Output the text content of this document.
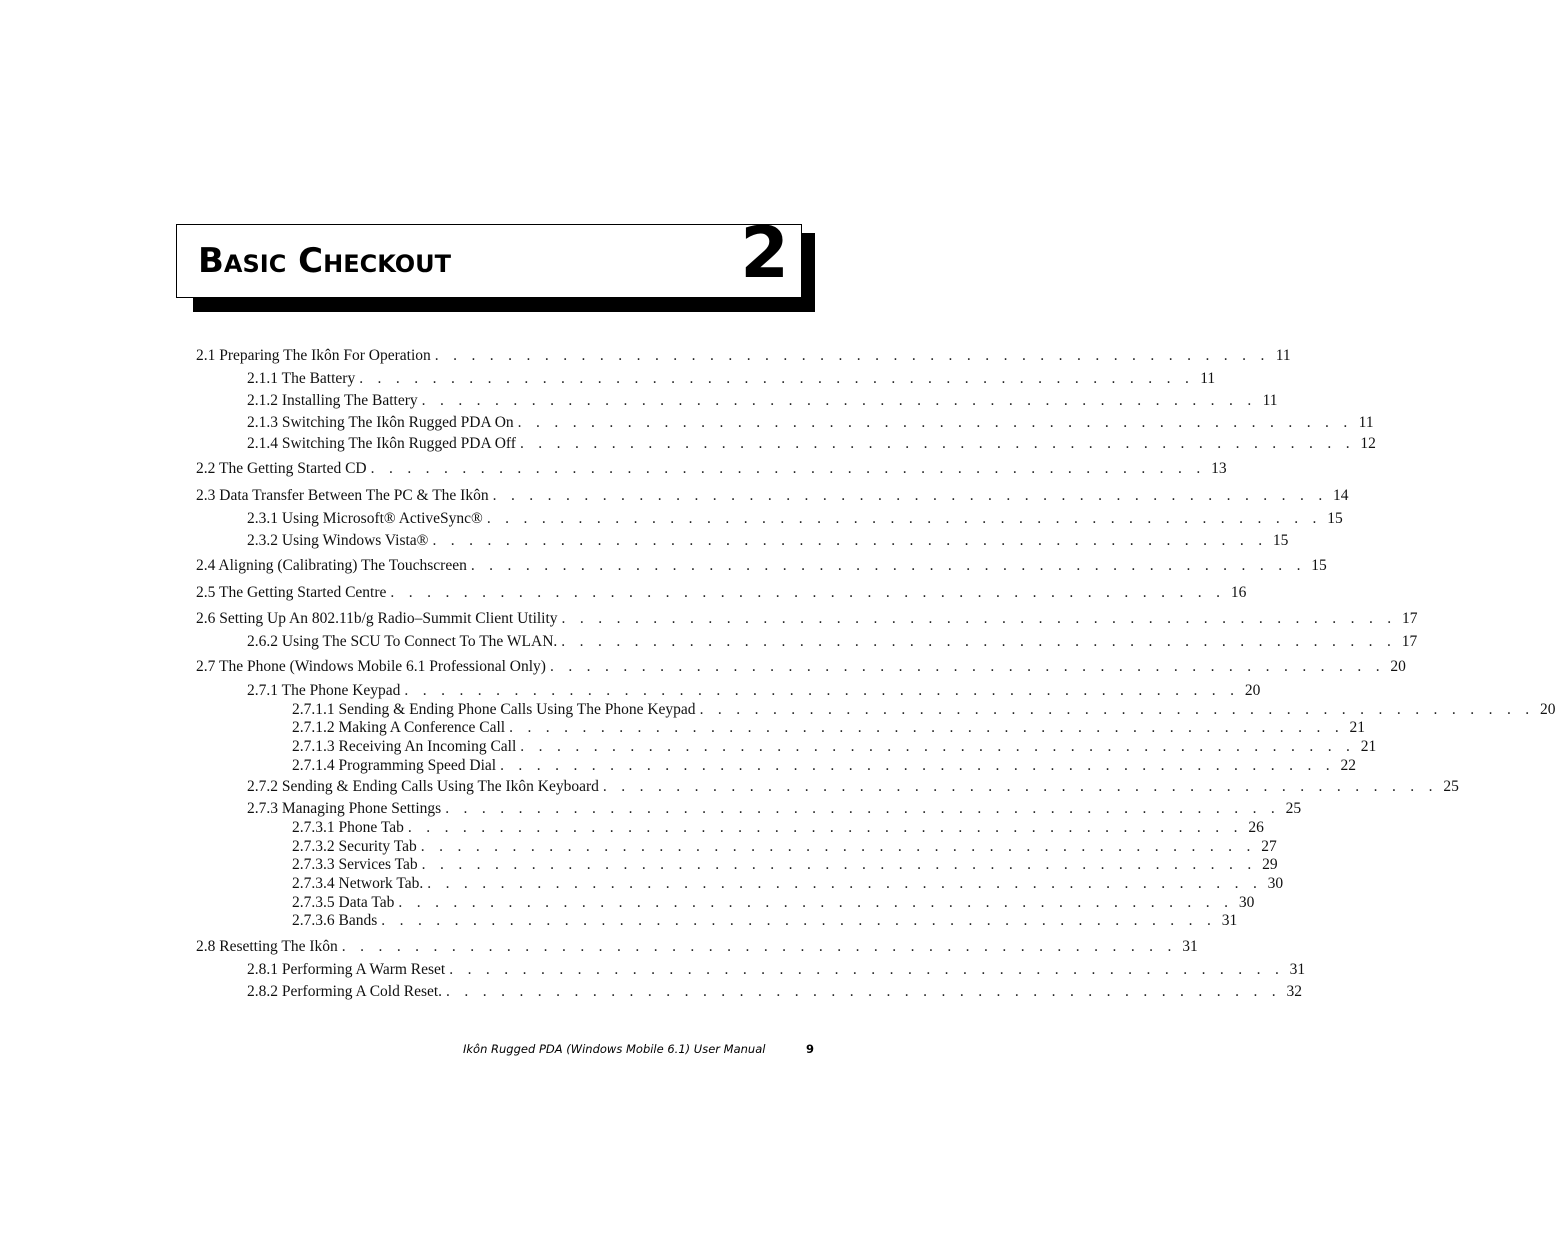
Basic Checkout	2
2.1 Preparing The Ikôn For Operation . . . . . . . . . . . . . . . . . . . . . . . . . . . . . . . . . . . . . . . . . . . . . . 11
2.1.1 The Battery . . . . . . . . . . . . . . . . . . . . . . . . . . . . . . . . . . . . . . . . . . . . . . 11
2.1.2 Installing The Battery . . . . . . . . . . . . . . . . . . . . . . . . . . . . . . . . . . . . . . . . . . . . . . 11
2.1.3 Switching The Ikôn Rugged PDA On . . . . . . . . . . . . . . . . . . . . . . . . . . . . . . . . . . . . . . . . . . . . . . 11
2.1.4 Switching The Ikôn Rugged PDA Off . . . . . . . . . . . . . . . . . . . . . . . . . . . . . . . . . . . . . . . . . . . . . . 12
2.2 The Getting Started CD . . . . . . . . . . . . . . . . . . . . . . . . . . . . . . . . . . . . . . . . . . . . . . 13
2.3 Data Transfer Between The PC & The Ikôn . . . . . . . . . . . . . . . . . . . . . . . . . . . . . . . . . . . . . . . . . . . . . . 14
2.3.1 Using Microsoft® ActiveSync® . . . . . . . . . . . . . . . . . . . . . . . . . . . . . . . . . . . . . . . . . . . . . . 15
2.3.2 Using Windows Vista® . . . . . . . . . . . . . . . . . . . . . . . . . . . . . . . . . . . . . . . . . . . . . . 15
2.4 Aligning (Calibrating) The Touchscreen . . . . . . . . . . . . . . . . . . . . . . . . . . . . . . . . . . . . . . . . . . . . . . 15
2.5 The Getting Started Centre . . . . . . . . . . . . . . . . . . . . . . . . . . . . . . . . . . . . . . . . . . . . . . 16
2.6 Setting Up An 802.11b/g Radio–Summit Client Utility . . . . . . . . . . . . . . . . . . . . . . . . . . . . . . . . . . . . . . . . . . . . . . 17
2.6.2 Using The SCU To Connect To The WLAN. . . . . . . . . . . . . . . . . . . . . . . . . . . . . . . . . . . . . . . . . . . . . . . 17
2.7 The Phone (Windows Mobile 6.1 Professional Only) . . . . . . . . . . . . . . . . . . . . . . . . . . . . . . . . . . . . . . . . . . . . . . 20
2.7.1 The Phone Keypad . . . . . . . . . . . . . . . . . . . . . . . . . . . . . . . . . . . . . . . . . . . . . . 20
2.7.1.1 Sending & Ending Phone Calls Using The Phone Keypad . . . . . . . . . . . . . . . . . . . . . . . . . . . . . . . . . . . . . . . . . . . . . . 20
2.7.1.2 Making A Conference Call . . . . . . . . . . . . . . . . . . . . . . . . . . . . . . . . . . . . . . . . . . . . . . 21
2.7.1.3 Receiving An Incoming Call . . . . . . . . . . . . . . . . . . . . . . . . . . . . . . . . . . . . . . . . . . . . . . 21
2.7.1.4 Programming Speed Dial . . . . . . . . . . . . . . . . . . . . . . . . . . . . . . . . . . . . . . . . . . . . . . 22
2.7.2 Sending & Ending Calls Using The Ikôn Keyboard . . . . . . . . . . . . . . . . . . . . . . . . . . . . . . . . . . . . . . . . . . . . . . 25
2.7.3 Managing Phone Settings . . . . . . . . . . . . . . . . . . . . . . . . . . . . . . . . . . . . . . . . . . . . . . 25
2.7.3.1 Phone Tab . . . . . . . . . . . . . . . . . . . . . . . . . . . . . . . . . . . . . . . . . . . . . . 26
2.7.3.2 Security Tab . . . . . . . . . . . . . . . . . . . . . . . . . . . . . . . . . . . . . . . . . . . . . . 27
2.7.3.3 Services Tab . . . . . . . . . . . . . . . . . . . . . . . . . . . . . . . . . . . . . . . . . . . . . . 29
2.7.3.4 Network Tab. . . . . . . . . . . . . . . . . . . . . . . . . . . . . . . . . . . . . . . . . . . . . . . 30
2.7.3.5 Data Tab . . . . . . . . . . . . . . . . . . . . . . . . . . . . . . . . . . . . . . . . . . . . . . 30
2.7.3.6 Bands . . . . . . . . . . . . . . . . . . . . . . . . . . . . . . . . . . . . . . . . . . . . . . 31
2.8 Resetting The Ikôn . . . . . . . . . . . . . . . . . . . . . . . . . . . . . . . . . . . . . . . . . . . . . . 31
2.8.1 Performing A Warm Reset . . . . . . . . . . . . . . . . . . . . . . . . . . . . . . . . . . . . . . . . . . . . . . 31
2.8.2 Performing A Cold Reset. . . . . . . . . . . . . . . . . . . . . . . . . . . . . . . . . . . . . . . . . . . . . . . 32
Ikôn Rugged PDA (Windows Mobile 6.1) User Manual	9
